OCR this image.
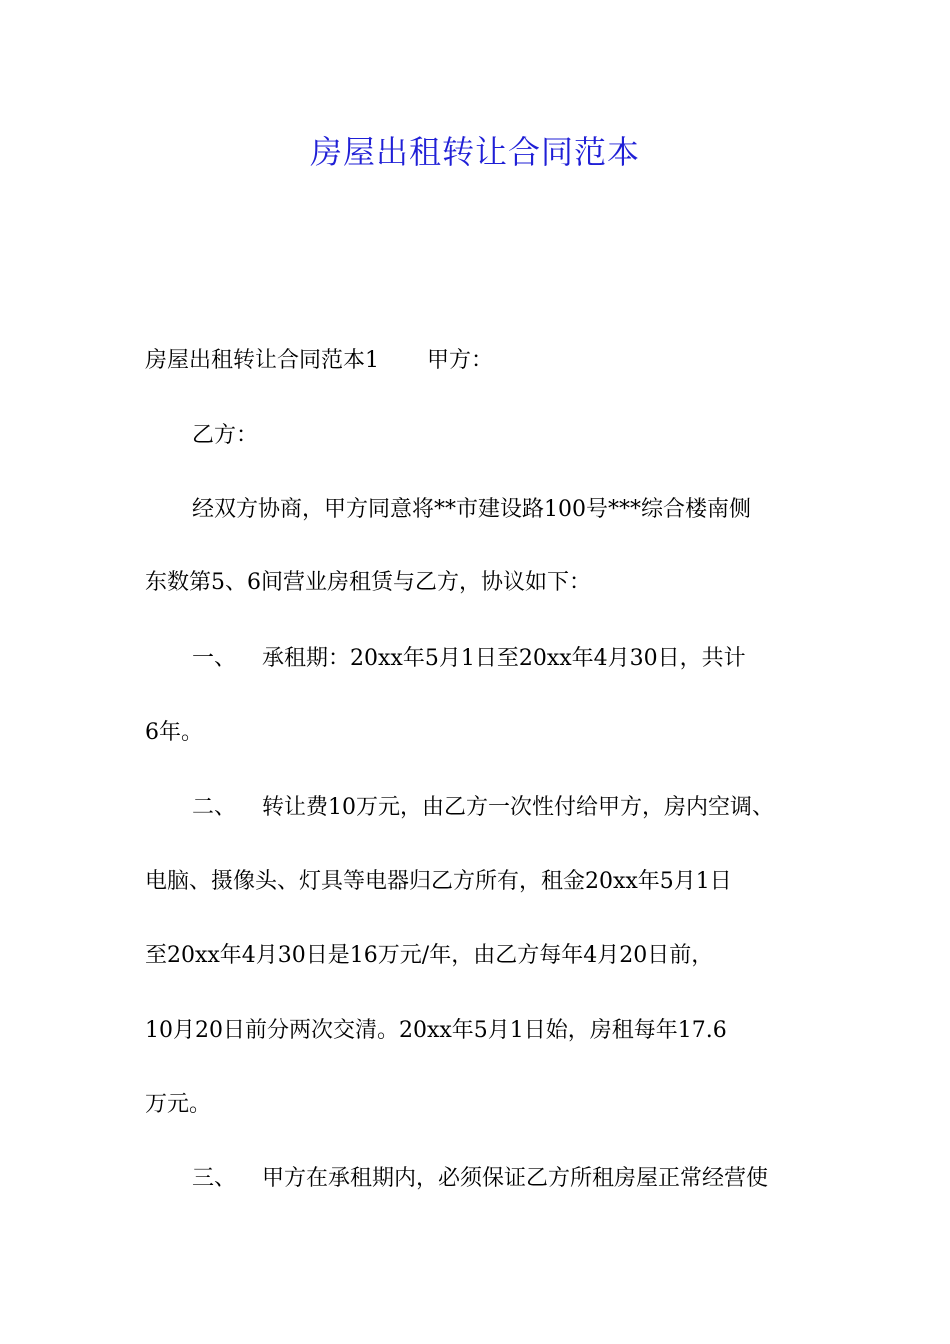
房屋出租转让合同范本
房屋出租转让合同范本1 甲方：
乙方：
经双方协商，甲方同意将**市建设路100号***综合楼南侧
东数第5、6间营业房租赁与乙方，协议如下：
一、 承租期：20xx年5月1日至20xx年4月30日，共计
6年。
二、 转让费10万元，由乙方一次性付给甲方，房内空调、
电脑、摄像头、灯具等电器归乙方所有，租金20xx年5月1日
至20xx年4月30日是16万元/年，由乙方每年4月20日前，
10月20日前分两次交清。20xx年5月1日始，房租每年17.6
万元。
三、 甲方在承租期内，必须保证乙方所租房屋正常经营使
